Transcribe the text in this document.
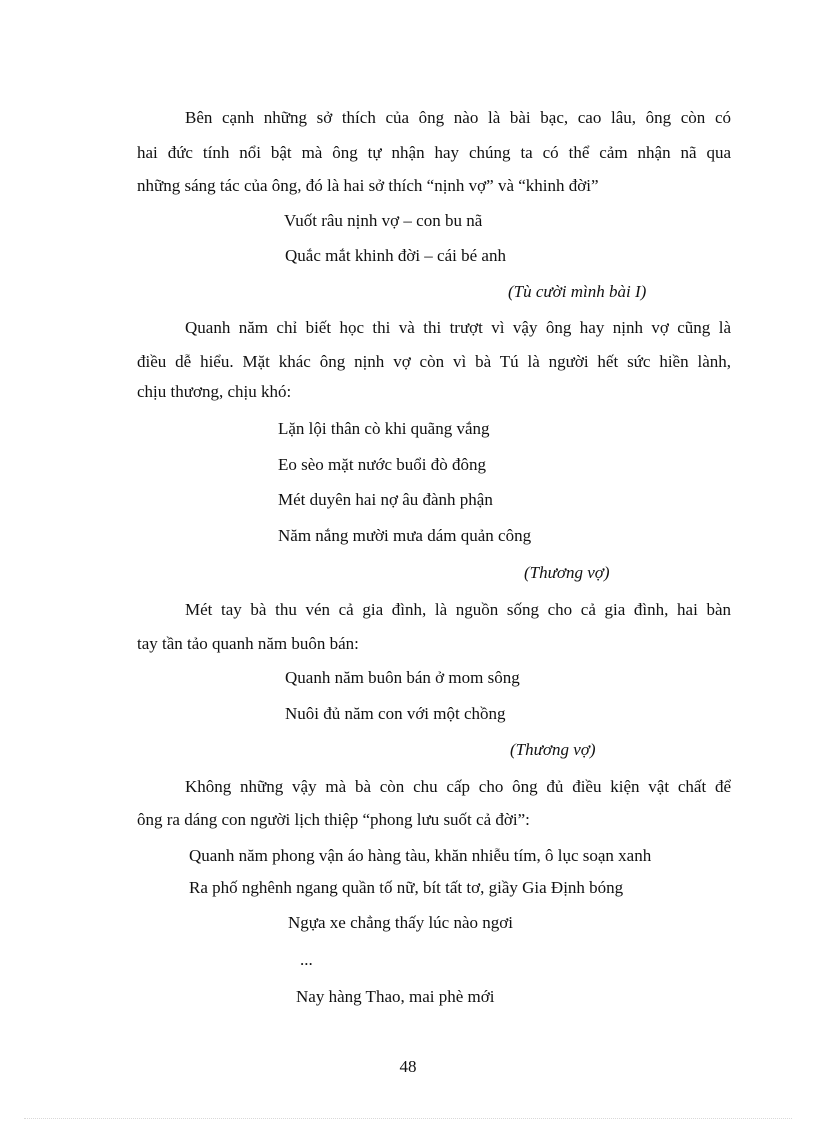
Bên cạnh những sở thích của ông nào là bài bạc, cao lâu, ông còn có
hai đức tính nổi bật mà ông tự nhận hay chúng ta có thể cảm nhận nã qua
những sáng tác của ông, đó là hai sở thích “nịnh vợ” và “khinh đời”
Vuốt râu nịnh vợ – con bu nã
Quắc mắt khinh đời – cái bé anh
(Tù cười mình bài I)
Quanh năm chỉ biết học thi và thi trượt vì vậy ông hay nịnh vợ cũng là
điều dễ hiểu. Mặt khác ông nịnh vợ còn vì bà Tú là người hết sức hiền lành,
chịu thương, chịu khó:
Lặn lội thân cò khi quãng vắng
Eo sèo mặt nước buổi đò đông
Mét duyên hai nợ âu đành phận
Năm nắng mười mưa dám quản công
(Thương vợ)
Mét tay bà thu vén cả gia đình, là nguồn sống cho cả gia đình, hai bàn
tay tần tảo quanh năm buôn bán:
Quanh năm buôn bán ở mom sông
Nuôi đủ năm con với một chồng
(Thương vợ)
Không những vậy mà bà còn chu cấp cho ông đủ điều kiện vật chất để
ông ra dáng con người lịch thiệp “phong lưu suốt cả đời”:
Quanh năm phong vận áo hàng tàu, khăn nhiễu tím, ô lục soạn xanh
Ra phố nghênh ngang quần tố nữ, bít tất tơ, giầy Gia Định bóng
Ngựa xe chẳng thấy lúc nào ngơi
...
Nay hàng Thao, mai phè mới
48
